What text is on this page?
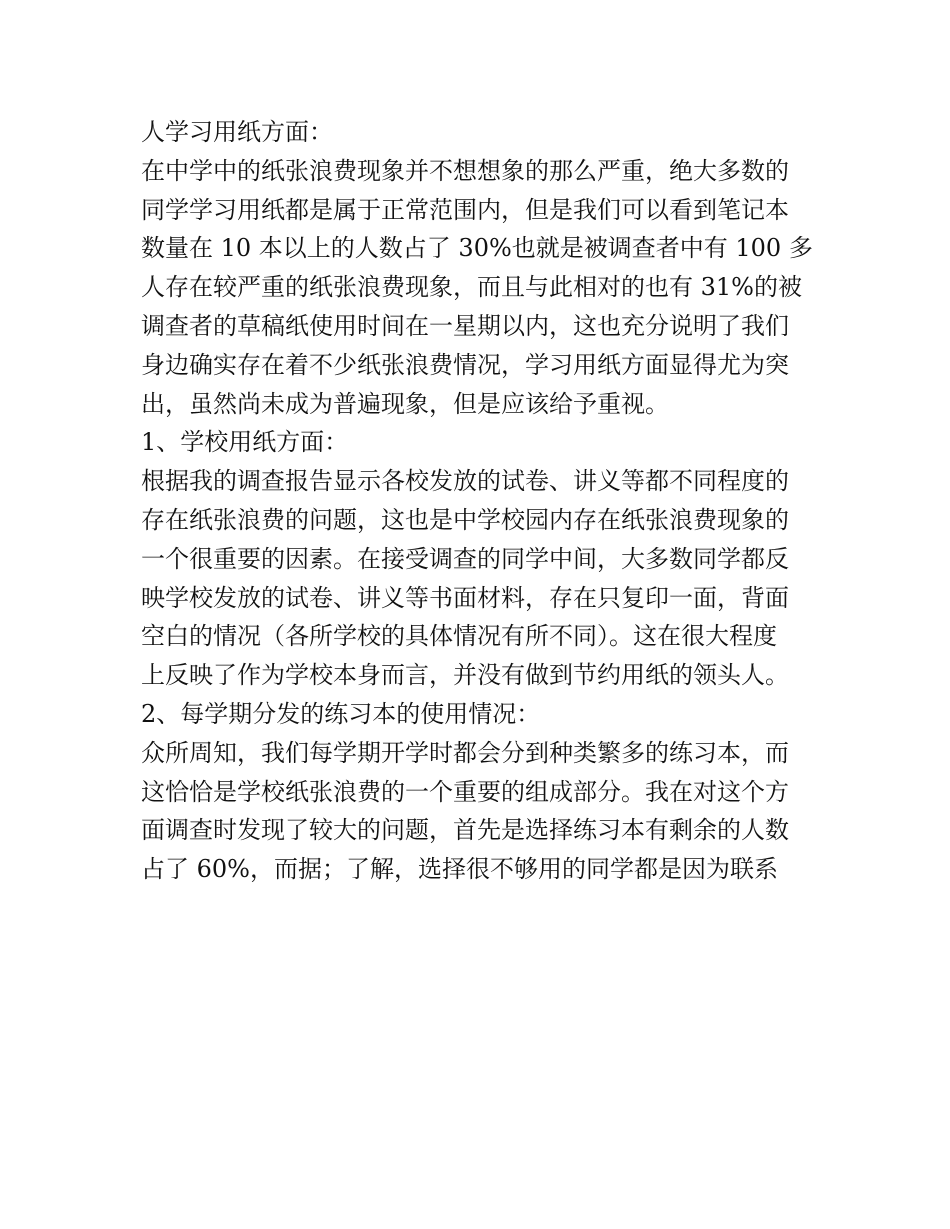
人学习用纸方面：

在中学中的纸张浪费现象并不想想象的那么严重，绝大多数的

同学学习用纸都是属于正常范围内，但是我们可以看到笔记本

数量在 10 本以上的人数占了 30%也就是被调查者中有 100 多

人存在较严重的纸张浪费现象，而且与此相对的也有 31%的被

调查者的草稿纸使用时间在一星期以内，这也充分说明了我们

身边确实存在着不少纸张浪费情况，学习用纸方面显得尤为突

出，虽然尚未成为普遍现象，但是应该给予重视。

1、学校用纸方面：

根据我的调查报告显示各校发放的试卷、讲义等都不同程度的

存在纸张浪费的问题，这也是中学校园内存在纸张浪费现象的

一个很重要的因素。在接受调查的同学中间，大多数同学都反

映学校发放的试卷、讲义等书面材料，存在只复印一面，背面

空白的情况（各所学校的具体情况有所不同）。这在很大程度

上反映了作为学校本身而言，并没有做到节约用纸的领头人。

2、每学期分发的练习本的使用情况：

众所周知，我们每学期开学时都会分到种类繁多的练习本，而

这恰恰是学校纸张浪费的一个重要的组成部分。我在对这个方

面调查时发现了较大的问题，首先是选择练习本有剩余的人数

占了 60%，而据；了解，选择很不够用的同学都是因为联系
